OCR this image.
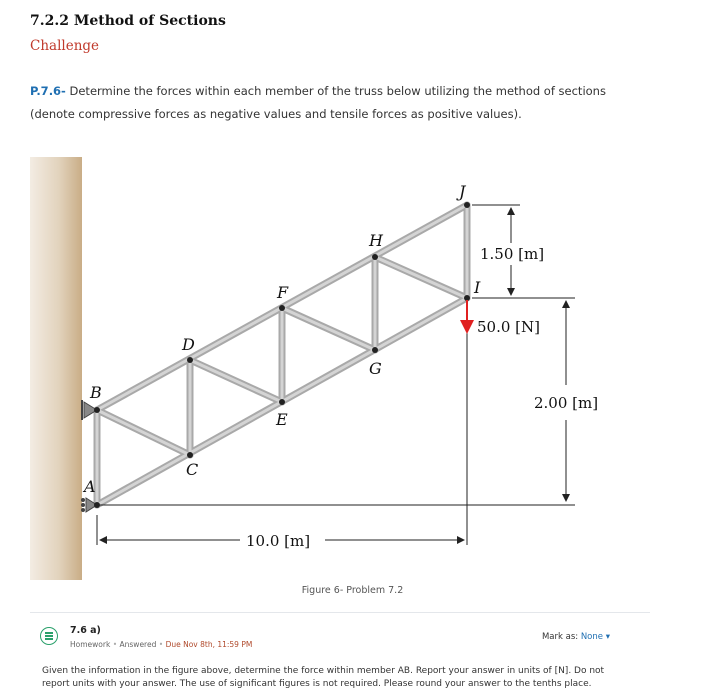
7.2.2 Method of Sections
Challenge
P.7.6- Determine the forces within each member of the truss below utilizing the method of sections (denote compressive forces as negative values and tensile forces as positive values).
A
B
C
D
E
F
G
H
I
J
1.50 [m]
50.0 [N]
2.00 [m]
10.0 [m]
Figure 6- Problem 7.2
7.6 a)
Homework • Answered • Due Nov 8th, 11:59 PM
Mark as: None ▾
Given the information in the figure above, determine the force within member AB. Report your answer in units of [N]. Do not report units with your answer. The use of significant figures is not required. Please round your answer to the tenths place.
